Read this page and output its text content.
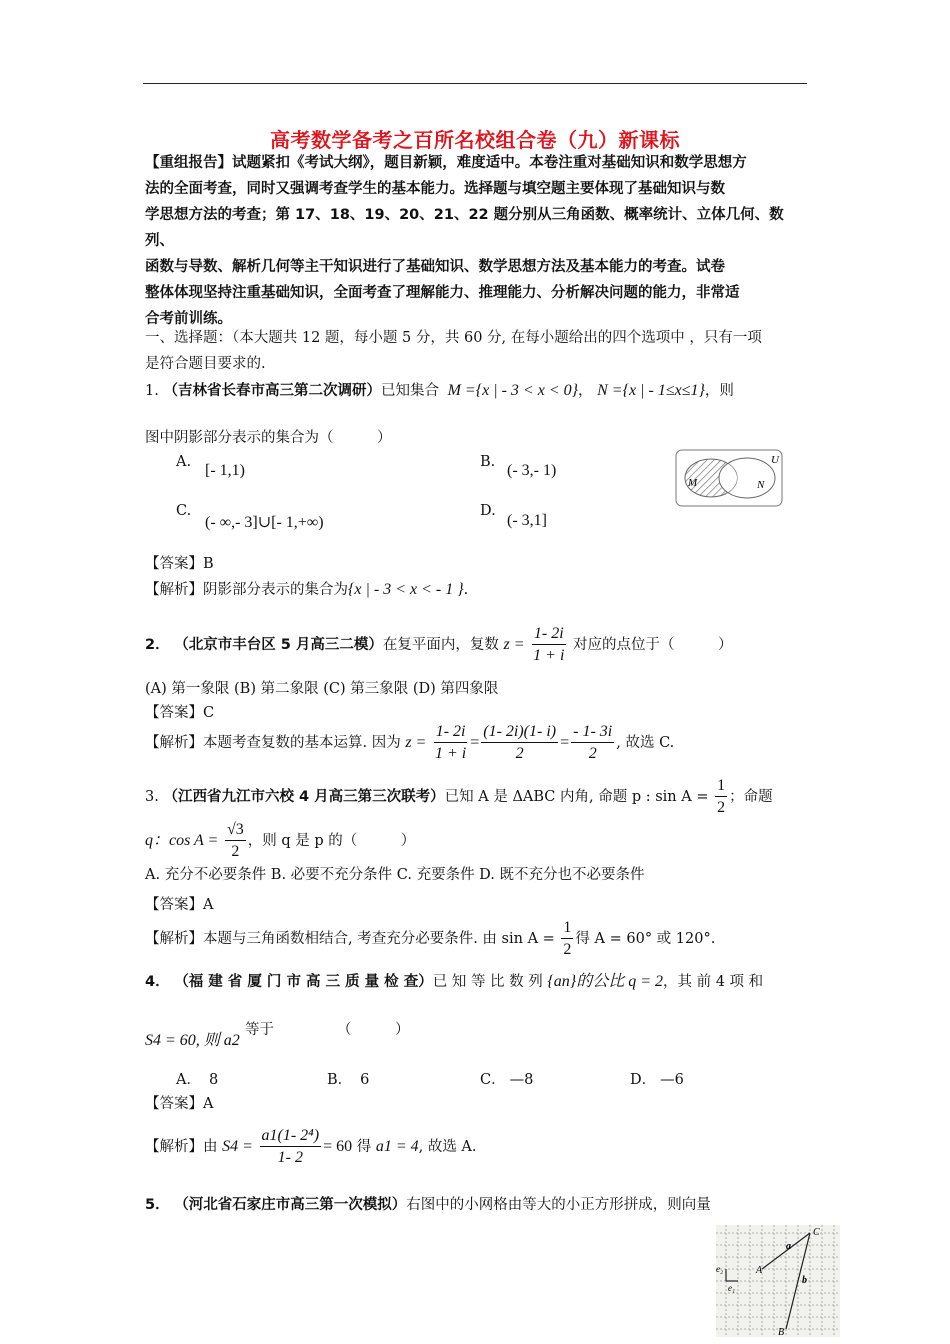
高考数学备考之百所名校组合卷（九）新课标
【重组报告】试题紧扣《考试大纲》，题目新颖，难度适中。本卷注重对基础知识和数学思想方
法的全面考查，同时又强调考查学生的基本能力。选择题与填空题主要体现了基础知识与数
学思想方法的考查；第 17、18、19、20、21、22 题分别从三角函数、概率统计、立体几何、数列、
函数与导数、解析几何等主干知识进行了基础知识、数学思想方法及基本能力的考查。试卷
整体体现坚持注重基础知识，全面考查了理解能力、推理能力、分析解决问题的能力，非常适
合考前训练。
一、选择题：（本大题共 12 题，每小题 5 分，共 60 分, 在每小题给出的四个选项中 ，只有一项
是符合题目要求的.
1. （吉林省长春市高三第二次调研）已知集合 M ={x | - 3 < x < 0}， N ={x | - 1≤x≤1}，则
图中阴影部分表示的集合为（　　　）
A. [- 1,1)	B. (- 3,- 1)
C.
(- ∞,- 3]∪[- 1,+∞)
D.
(- 3,1]
U
M	N
【答案】B
【解析】阴影部分表示的集合为{x | - 3 < x < - 1 }.
2． （北京市丰台区 5 月高三二模）在复平面内，复数 $z = \frac{1- 2i}{1 + i}$ 对应的点位于（　　　）
(A) 第一象限 (B) 第二象限 (C) 第三象限 (D) 第四象限
【答案】C
【解析】本题考查复数的基本运算. 因为 $z = \frac{1- 2i}{1 + i} = \frac{(1- 2i)(1- i)}{2} = \frac{- 1- 3i}{2}$ , 故选 C.
3. （江西省九江市六校 4 月高三第三次联考）已知 A 是 ΔABC 内角, 命题 p : $\sin A = \frac{1}{2}$ ；命题
q：$\cos A = \frac{√3}{2}$ ，则 q 是 p 的（　　　）
A. 充分不必要条件 B. 必要不充分条件 C. 充要条件 D. 既不充分也不必要条件
【答案】A
【解析】本题与三角函数相结合, 考查充分必要条件. 由 $\sin A = \frac{1}{2}$ 得 A = 60° 或 120°.
4． （福 建 省 厦 门 市 高 三 质 量 检 查）已 知 等 比 数 列 {an}的公比 q = 2，其 前 4 项 和
S4 = 60, 则 a2
等于	（　　　）
A． 8	B． 6	C． —8	D． —6
【答案】A
【解析】由 $S4 = \frac{\text{a1(1- 2⁴)}}{1- 2} = 60$ 得 a1 = 4, 故选 A.
5． （河北省石家庄市高三第一次模拟）右图中的小网格由等大的小正方形拼成，则向量
C
A
B
a
b
e₁
e₂
